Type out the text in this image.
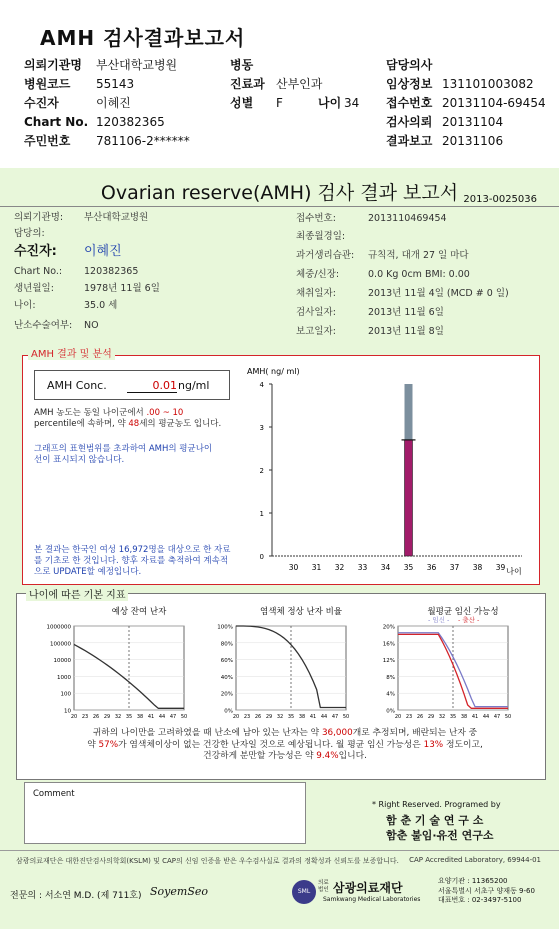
AMH 검사결과보고서
의뢰기관명 부산대학교병원
병원코드 55143
수진자	이혜진
Chart No. 120382365
주민번호 781106-2******
병동
진료과 산부인과
성별 F	나이 34
담당의사
임상정보 131101003082
접수번호 20131104-69454
검사의뢰 20131104
결과보고 20131106
Ovarian reserve(AMH) 검사 결과 보고서 2013-0025036
의뢰기관명: 부산대학교병원
담당의:
수진자: 이혜진
Chart No.: 120382365
생년월일:	1978년 11월 6일
나이:	35.0 세
난소수술여부: NO
접수번호:	2013110469454
최종월경일:
과거생리습관: 규칙적, 대개 27 일 마다
체중/신장:	0.0 Kg 0cm BMI: 0.00
채취일자:	2013년 11월 4일 (MCD # 0 일)
검사일자:	2013년 11월 6일
보고일자:	2013년 11월 8일
AMH 결과 및 분석
AMH Conc.	0.01 ng/ml
AMH 농도는 동일 나이군에서 .00 ~ 10
percentile에 속하며, 약 48세의 평균농도 입니다.
그래프의 표현범위를 초과하여 AMH의 평균나이선이 표시되지 않습니다.
본 결과는 한국인 여성 16,972명을 대상으로 한 자료를 기초로 한 것입니다. 향후 자료를 축적하여 계속적으로 UPDATE할 예정입니다.
AMH( ng/ ml)
4
3
2
1
0
30 31 32 33 34 35 36 37 38 39 나이
나이에 따른 기본 지표
예상 잔여 난자
1000000
100000
10000
1000
100
10
20 23 26 29 32 35 38 41 44 47 50
염색체 정상 난자 비율
100%
80%
60%
40%
20%
0%
20 23 26 29 32 35 38 41 44 47 50
월평균 임신 가능성
20%
16%
12%
8%
4%
0%
20 23 26 29 32 35 38 41 44 47 50
- 임신 - - 출산 -
귀하의 나이만을 고려하였을 때 난소에 남아 있는 난자는 약 36,000개로 추정되며, 배란되는 난자 중
약 57%가 염색체이상이 없는 건강한 난자일 것으로 예상됩니다. 월 평균 임신 가능성은 13% 정도이고,
건강하게 분만할 가능성은 약 9.4%입니다.
Comment
* Right Reserved. Programed by
함 춘 기 술 연 구 소
함춘 불임·유전 연구소
삼광의료재단은 대한진단검사의학회(KSLM) 및 CAP의 신임 인증을 받은 우수검사실로 결과의 정확성과 신뢰도를 보증합니다. CAP Accredited Laboratory, 69944-01
전문의 : 서소연 M.D. (제 711호) SoyemSeo	SML
의료법인 삼광의료재단
Samkwang Medical Laboratories
요양기관 : 11365200
서울특별시 서초구 양재동 9-60
대표번호 : 02-3497-5100
